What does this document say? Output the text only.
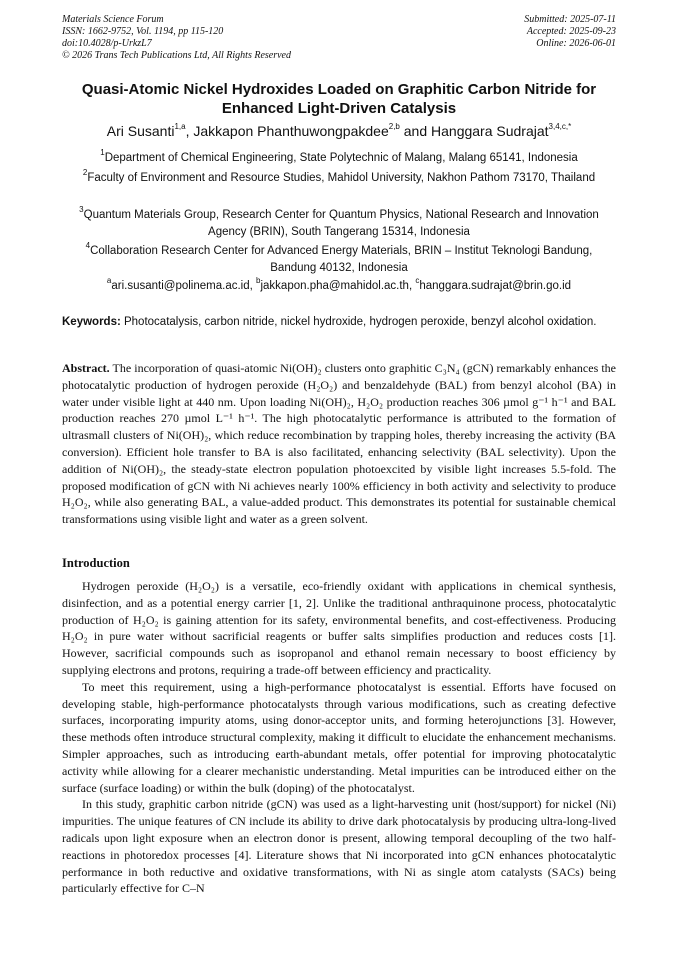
Materials Science Forum
ISSN: 1662-9752, Vol. 1194, pp 115-120
doi:10.4028/p-UrkzL7
© 2026 Trans Tech Publications Ltd, All Rights Reserved
Submitted: 2025-07-11
Accepted: 2025-09-23
Online: 2026-06-01
Quasi-Atomic Nickel Hydroxides Loaded on Graphitic Carbon Nitride for
Enhanced Light-Driven Catalysis
Ari Susanti$^{1,a}$, Jakkapon Phanthuwongpakdee$^{2,b}$ and Hanggara Sudrajat$^{3,4,c,*}$
$^1$Department of Chemical Engineering, State Polytechnic of Malang, Malang 65141, Indonesia
$^2$Faculty of Environment and Resource Studies, Mahidol University, Nakhon Pathom 73170, Thailand
$^3$Quantum Materials Group, Research Center for Quantum Physics, National Research and Innovation Agency (BRIN), South Tangerang 15314, Indonesia
$^4$Collaboration Research Center for Advanced Energy Materials, BRIN – Institut Teknologi Bandung, Bandung 40132, Indonesia
$^a$ari.susanti@polinema.ac.id, $^b$jakkapon.pha@mahidol.ac.th, $^c$hanggara.sudrajat@brin.go.id
Keywords: Photocatalysis, carbon nitride, nickel hydroxide, hydrogen peroxide, benzyl alcohol oxidation.
Abstract. The incorporation of quasi-atomic Ni(OH)₂ clusters onto graphitic C₃N₄ (gCN) remarkably enhances the photocatalytic production of hydrogen peroxide (H₂O₂) and benzaldehyde (BAL) from benzyl alcohol (BA) in water under visible light at 440 nm. Upon loading Ni(OH)₂, H₂O₂ production reaches 306 µmol g⁻¹ h⁻¹ and BAL production reaches 270 µmol L⁻¹ h⁻¹. The high photocatalytic performance is attributed to the formation of ultrasmall clusters of Ni(OH)₂, which reduce recombination by trapping holes, thereby increasing the activity (BA conversion). Efficient hole transfer to BA is also facilitated, enhancing selectivity (BAL selectivity). Upon the addition of Ni(OH)₂, the steady-state electron population photoexcited by visible light increases 5.5-fold. The proposed modification of gCN with Ni achieves nearly 100% efficiency in both activity and selectivity to produce H₂O₂, while also generating BAL, a value-added product. This demonstrates its potential for sustainable chemical transformations using visible light and water as a green solvent.
Introduction

Hydrogen peroxide (H₂O₂) is a versatile, eco-friendly oxidant with applications in chemical synthesis, disinfection, and as a potential energy carrier [1, 2]. Unlike the traditional anthraquinone process, photocatalytic production of H₂O₂ is gaining attention for its safety, environmental benefits, and cost-effectiveness. Producing H₂O₂ in pure water without sacrificial reagents or buffer salts simplifies production and reduces costs [1]. However, sacrificial compounds such as isopropanol and ethanol remain necessary to boost efficiency by supplying electrons and protons, requiring a trade-off between efficiency and practicality.

To meet this requirement, using a high-performance photocatalyst is essential. Efforts have focused on developing stable, high-performance photocatalysts through various modifications, such as creating defective surfaces, incorporating impurity atoms, using donor-acceptor units, and forming heterojunctions [3]. However, these methods often introduce structural complexity, making it difficult to elucidate the enhancement mechanisms. Simpler approaches, such as introducing earth-abundant metals, offer potential for improving photocatalytic activity while allowing for a clearer mechanistic understanding. Metal impurities can be introduced either on the surface (surface loading) or within the bulk (doping) of the photocatalyst.

In this study, graphitic carbon nitride (gCN) was used as a light-harvesting unit (host/support) for nickel (Ni) impurities. The unique features of CN include its ability to drive dark photocatalysis by producing ultra-long-lived radicals upon light exposure when an electron donor is present, allowing temporal decoupling of the two half-reactions in photoredox processes [4]. Literature shows that Ni incorporated into gCN enhances photocatalytic performance in both reductive and oxidative transformations, with Ni as single atom catalysts (SACs) being particularly effective for C–N
